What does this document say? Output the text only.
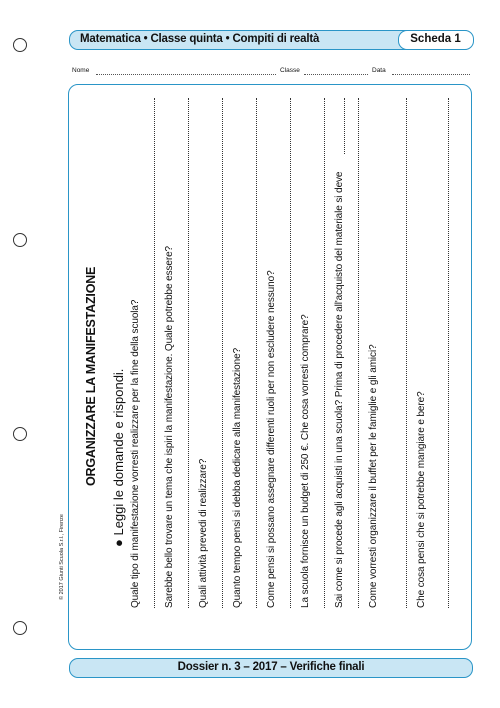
Matematica • Classe quinta • Compiti di realtà	Scheda 1
Nome	Classe	Data
© 2017 Giunti Scuola S.r.l., Firenze
ORGANIZZARE LA MANIFESTAZIONE
● Leggi le domande e rispondi. Quale tipo di manifestazione vorresti realizzare per la fine della scuola? Sarebbe bello trovare un tema che ispiri la manifestazione. Quale potrebbe essere? Quali attività prevedi di realizzare? Quanto tempo pensi si debba dedicare alla manifestazione? Come pensi si possano assegnare differenti ruoli per non escludere nessuno? La scuola fornisce un budget di 250 €. Che cosa vorresti comprare? Sai come si procede agli acquisti in una scuola? Prima di procedere all'acquisto del materiale si deve Come vorresti organizzare il buffet per le famiglie e gli amici?	Che cosa pensi che si potrebbe mangiare e bere?
Dossier n. 3 – 2017 – Verifiche finali
